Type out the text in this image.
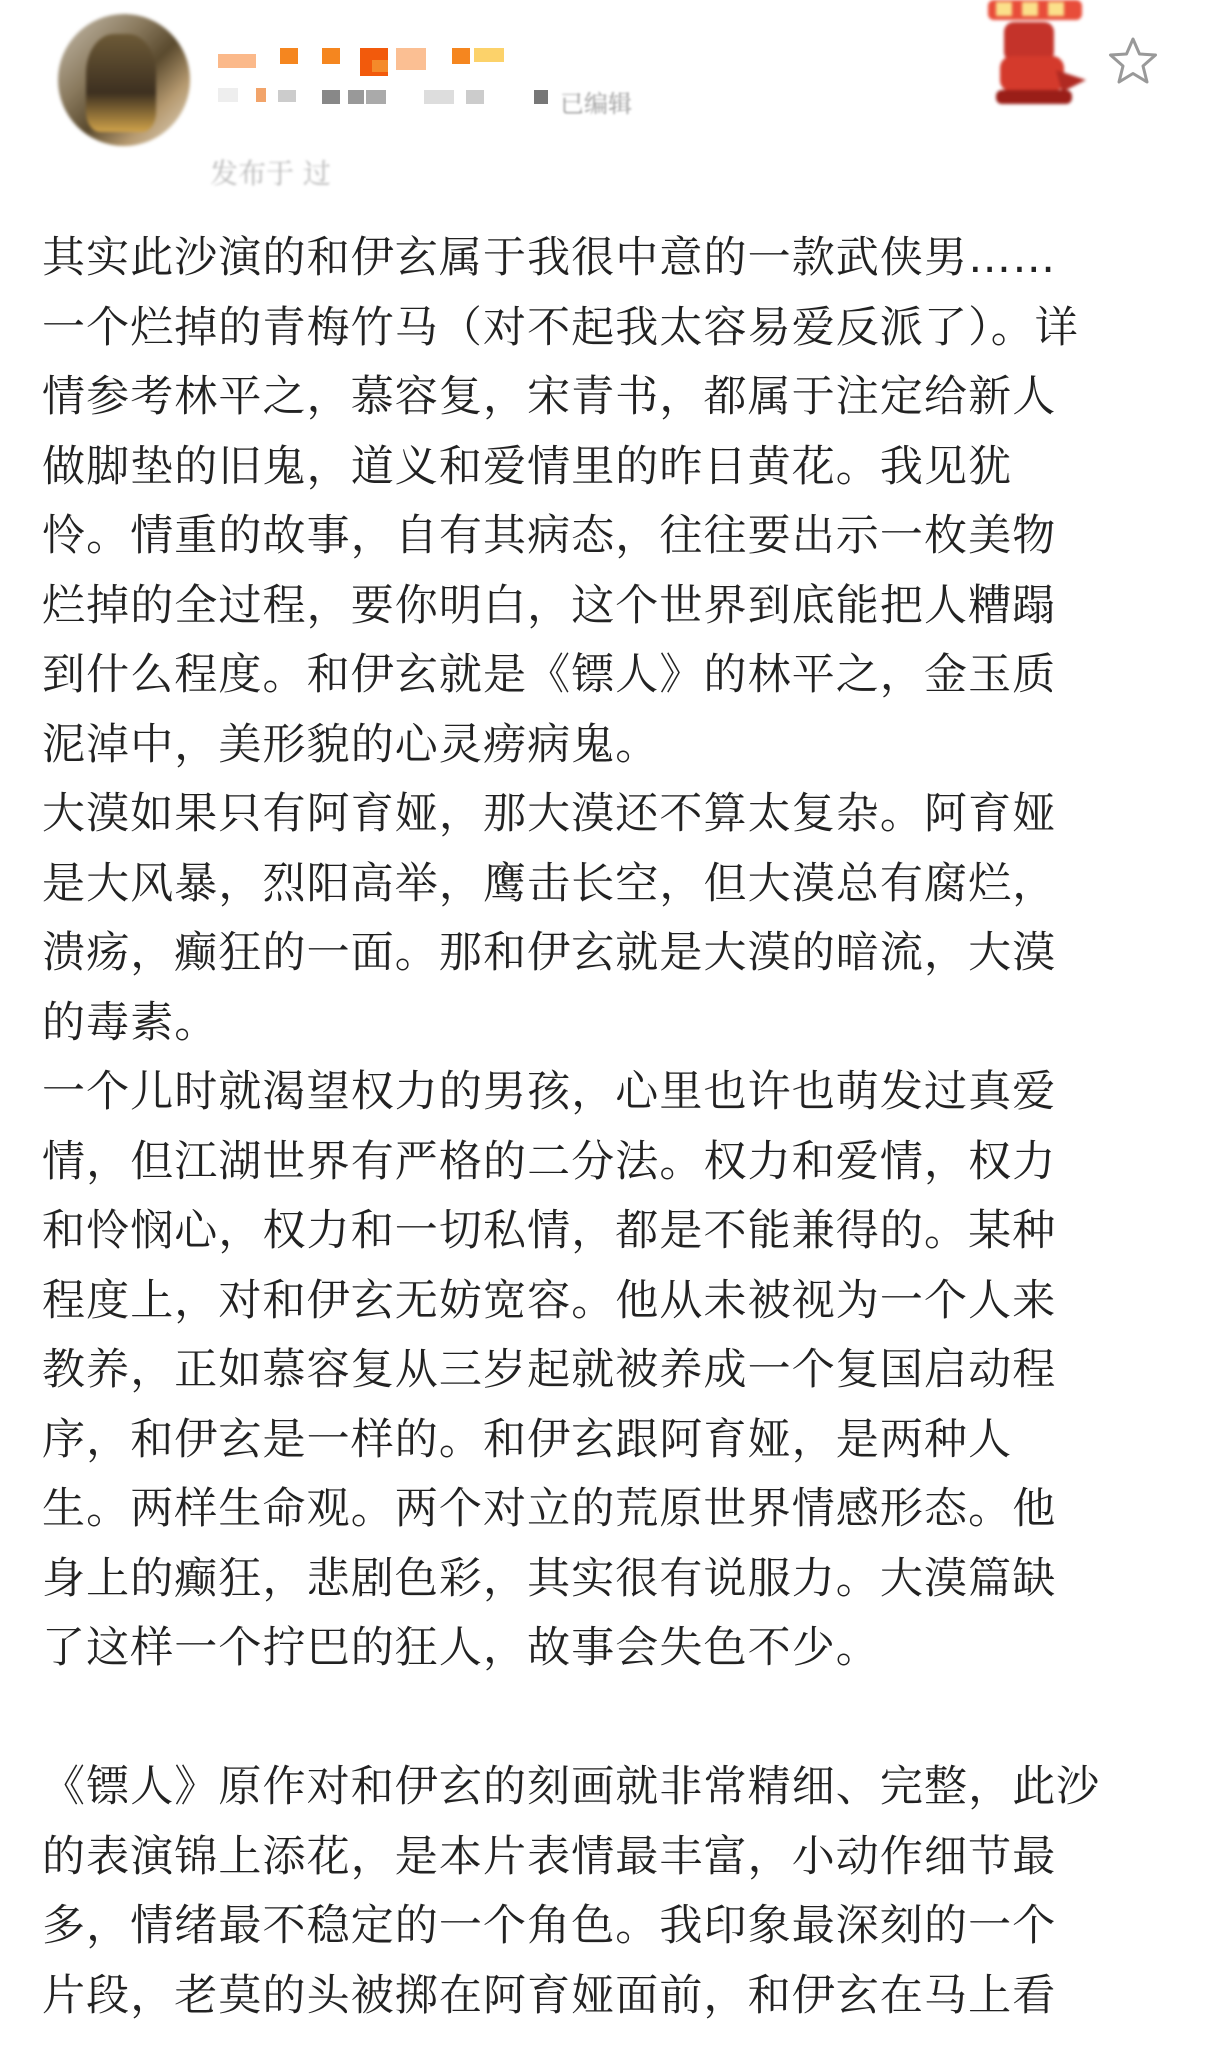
已编辑
发布于 过

其实此沙演的和伊玄属于我很中意的一款武侠男……

一个烂掉的青梅竹马（对不起我太容易爱反派了）。详

情参考林平之，慕容复，宋青书，都属于注定给新人

做脚垫的旧鬼，道义和爱情里的昨日黄花。我见犹

怜。情重的故事，自有其病态，往往要出示一枚美物

烂掉的全过程，要你明白，这个世界到底能把人糟蹋

到什么程度。和伊玄就是《镖人》的林平之，金玉质

泥淖中，美形貌的心灵痨病鬼。

大漠如果只有阿育娅，那大漠还不算太复杂。阿育娅

是大风暴，烈阳高举，鹰击长空，但大漠总有腐烂，

溃疡，癫狂的一面。那和伊玄就是大漠的暗流，大漠

的毒素。

一个儿时就渴望权力的男孩，心里也许也萌发过真爱

情，但江湖世界有严格的二分法。权力和爱情，权力

和怜悯心，权力和一切私情，都是不能兼得的。某种

程度上，对和伊玄无妨宽容。他从未被视为一个人来

教养，正如慕容复从三岁起就被养成一个复国启动程

序，和伊玄是一样的。和伊玄跟阿育娅，是两种人

生。两样生命观。两个对立的荒原世界情感形态。他

身上的癫狂，悲剧色彩，其实很有说服力。大漠篇缺

了这样一个拧巴的狂人，故事会失色不少。

《镖人》原作对和伊玄的刻画就非常精细、完整，此沙

的表演锦上添花，是本片表情最丰富，小动作细节最

多，情绪最不稳定的一个角色。我印象最深刻的一个

片段，老莫的头被掷在阿育娅面前，和伊玄在马上看
